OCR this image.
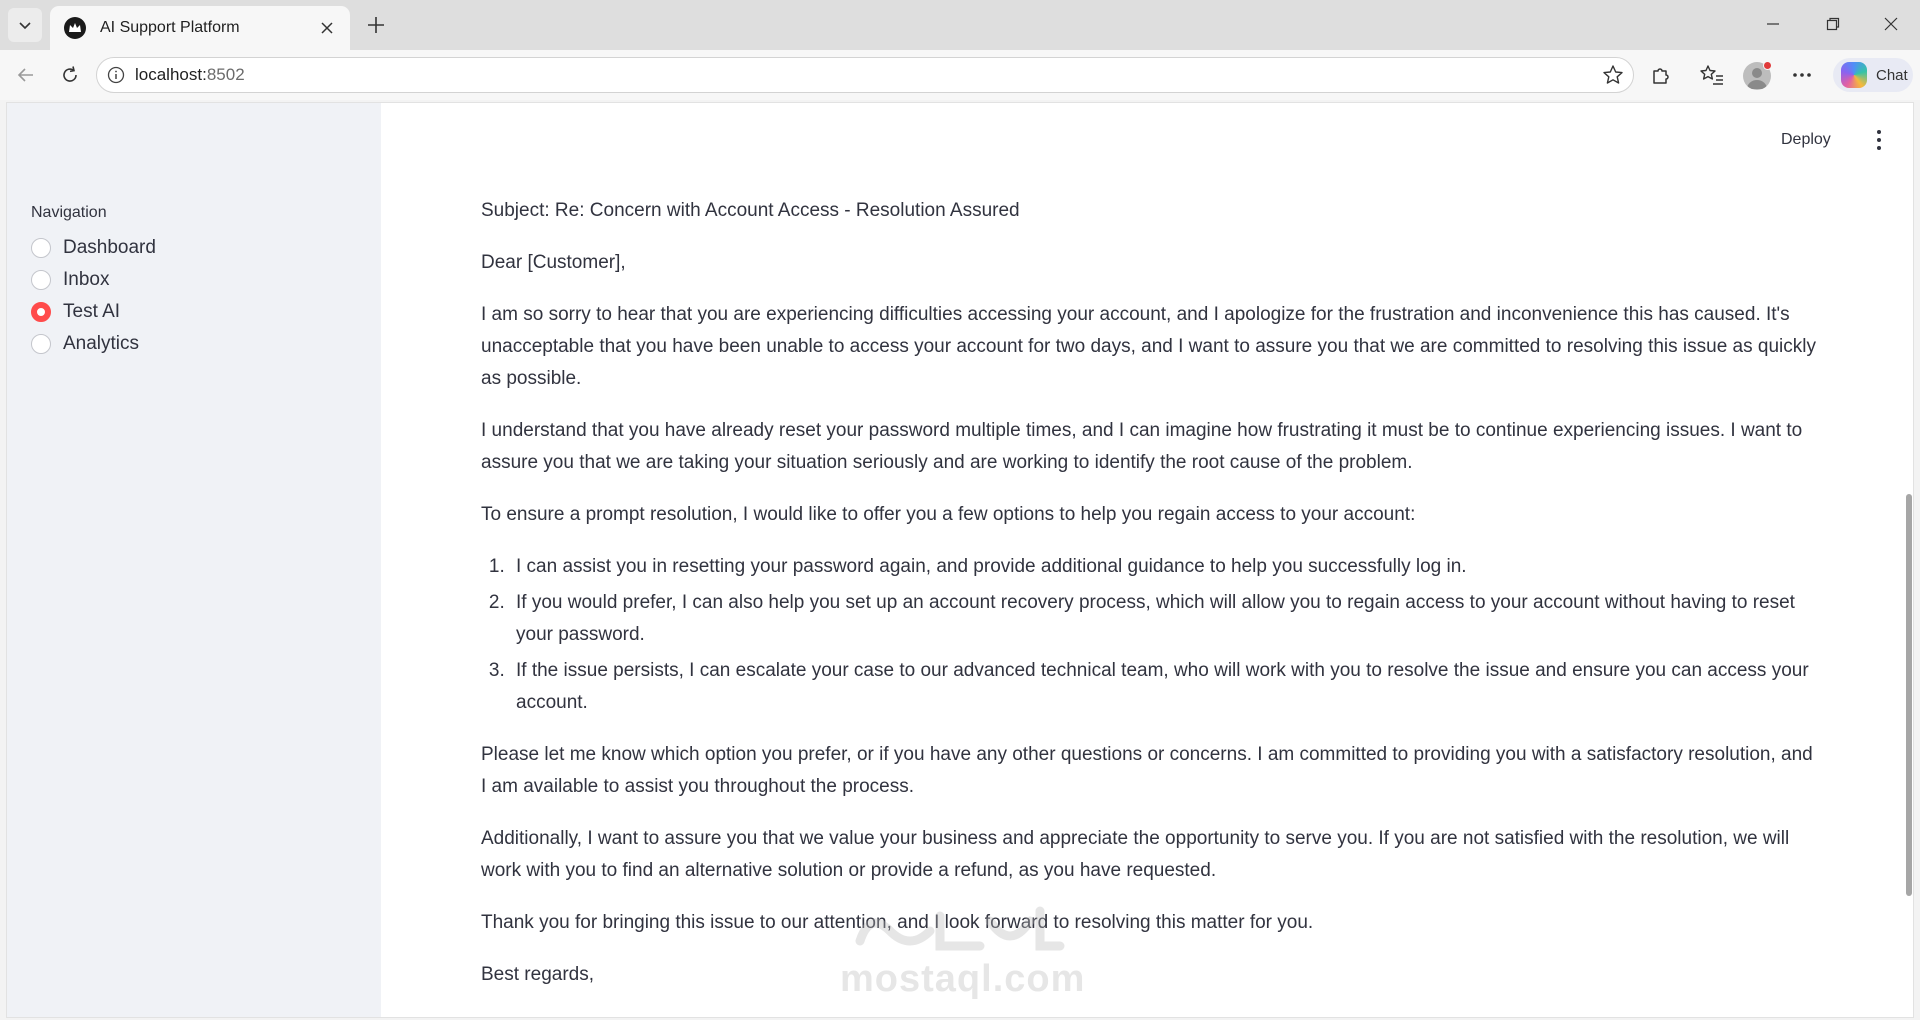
AI Support Platform
localhost:8502	Chat
Navigation
Dashboard
Inbox
Test AI
Analytics
Deploy

Subject: Re: Concern with Account Access - Resolution Assured

Dear [Customer],

I am so sorry to hear that you are experiencing difficulties accessing your account, and I apologize for the frustration and inconvenience this has caused. It's unacceptable that you have been unable to access your account for two days, and I want to assure you that we are committed to resolving this issue as quickly as possible.

I understand that you have already reset your password multiple times, and I can imagine how frustrating it must be to continue experiencing issues. I want to assure you that we are taking your situation seriously and are working to identify the root cause of the problem.

To ensure a prompt resolution, I would like to offer you a few options to help you regain access to your account:

1. I can assist you in resetting your password again, and provide additional guidance to help you successfully log in.
2. If you would prefer, I can also help you set up an account recovery process, which will allow you to regain access to your account without having to reset your password.
3. If the issue persists, I can escalate your case to our advanced technical team, who will work with you to resolve the issue and ensure you can access your account.

Please let me know which option you prefer, or if you have any other questions or concerns. I am committed to providing you with a satisfactory resolution, and I am available to assist you throughout the process.

Additionally, I want to assure you that we value your business and appreciate the opportunity to serve you. If you are not satisfied with the resolution, we will work with you to find an alternative solution or provide a refund, as you have requested.

Thank you for bringing this issue to our attention, and I look forward to resolving this matter for you.

Best regards,	mostaql.com
